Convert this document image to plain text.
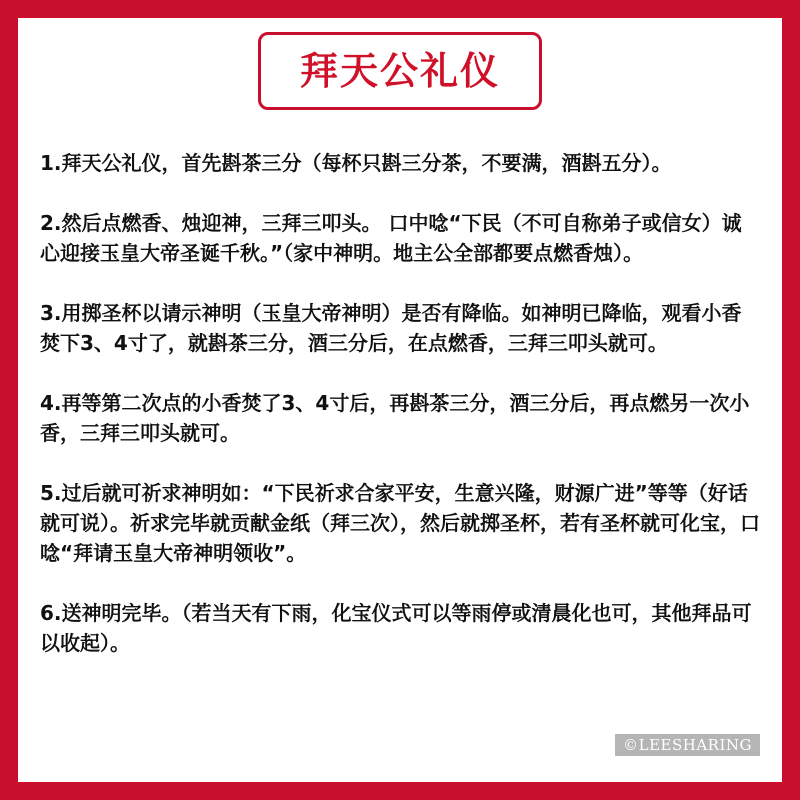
拜天公礼仪

1.拜天公礼仪，首先斟茶三分（每杯只斟三分茶，不要满，酒斟五分）。

2.然后点燃香、烛迎神，三拜三叩头。 口中唸“下民（不可自称弟子或信女）诚心迎接玉皇大帝圣诞千秋。”（家中神明。地主公全部都要点燃香烛）。

3.用掷圣杯以请示神明（玉皇大帝神明）是否有降临。如神明已降临，观看小香焚下3、4寸了，就斟茶三分，酒三分后，在点燃香，三拜三叩头就可。

4.再等第二次点的小香焚了3、4寸后，再斟茶三分，酒三分后，再点燃另一次小香，三拜三叩头就可。

5.过后就可祈求神明如：“下民祈求合家平安，生意兴隆，财源广进”等等（好话就可说）。祈求完毕就贡献金纸（拜三次），然后就掷圣杯，若有圣杯就可化宝，口唸“拜请玉皇大帝神明领收”。

6.送神明完毕。（若当天有下雨，化宝仪式可以等雨停或清晨化也可，其他拜品可以收起）。

©LEESHARING
